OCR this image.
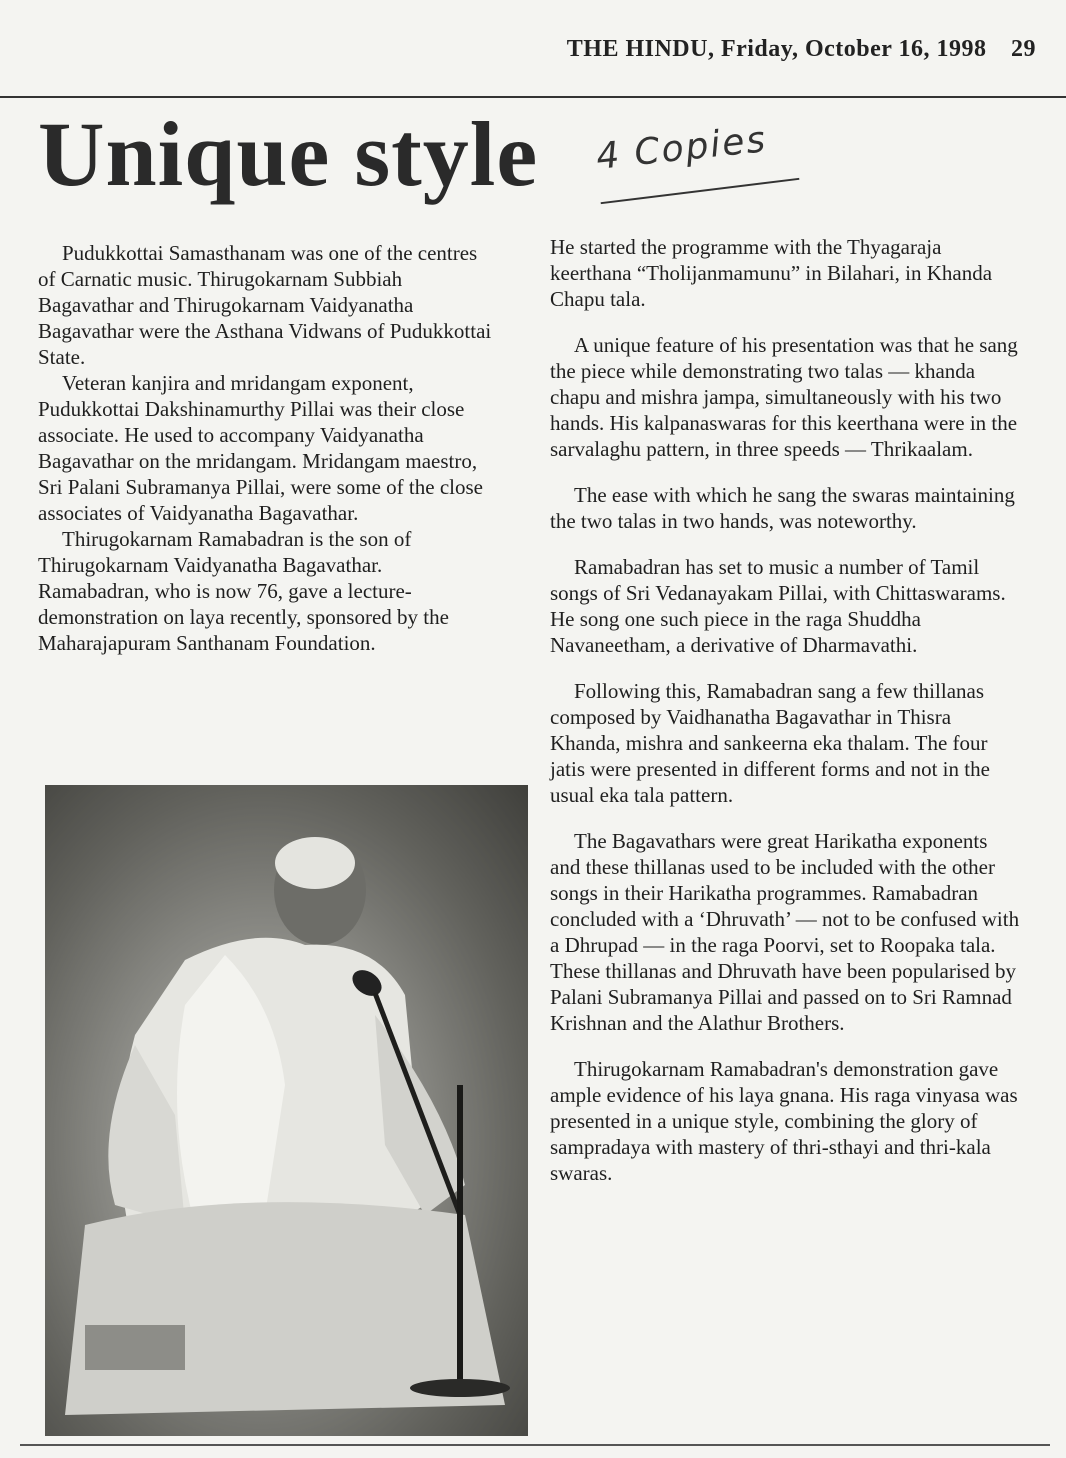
THE HINDU, Friday, October 16, 1998 29
Unique style 4 Copies

Pudukkottai Samasthanam was one of the centres of Carnatic music. Thirugokarnam Subbiah Bagavathar and Thirugokarnam Vaidyanatha Bagavathar were the Asthana Vidwans of Pudukkottai State.

Veteran kanjira and mridangam exponent, Pudukkottai Dakshinamurthy Pillai was their close associate. He used to accompany Vaidyanatha Bagavathar on the mridangam. Mridangam maestro, Sri Palani Subramanya Pillai, were some of the close associates of Vaidyanatha Bagavathar.

Thirugokarnam Ramabadran is the son of Thirugokarnam Vaidyanatha Bagavathar. Ramabadran, who is now 76, gave a lecture-demonstration on laya recently, sponsored by the Maharajapuram Santhanam Foundation.

He started the programme with the Thyagaraja keerthana “Tholijanmamunu” in Bilahari, in Khanda Chapu tala.

A unique feature of his presentation was that he sang the piece while demonstrating two talas — khanda chapu and mishra jampa, simultaneously with his two hands. His kalpanaswaras for this keerthana were in the sarvalaghu pattern, in three speeds — Thrikaalam.

The ease with which he sang the swaras maintaining the two talas in two hands, was noteworthy.

Ramabadran has set to music a number of Tamil songs of Sri Vedanayakam Pillai, with Chittaswarams. He song one such piece in the raga Shuddha Navaneetham, a derivative of Dharmavathi.

Following this, Ramabadran sang a few thillanas composed by Vaidhanatha Bagavathar in Thisra Khanda, mishra and sankeerna eka thalam. The four jatis were presented in different forms and not in the usual eka tala pattern.

The Bagavathars were great Harikatha exponents and these thillanas used to be included with the other songs in their Harikatha programmes. Ramabadran concluded with a ‘Dhruvath’ — not to be confused with a Dhrupad — in the raga Poorvi, set to Roopaka tala. These thillanas and Dhruvath have been popularised by Palani Subramanya Pillai and passed on to Sri Ramnad Krishnan and the Alathur Brothers.

Thirugokarnam Ramabadran's demonstration gave ample evidence of his laya gnana. His raga vinyasa was presented in a unique style, combining the glory of sampradaya with mastery of thri-sthayi and thri-kala swaras.
